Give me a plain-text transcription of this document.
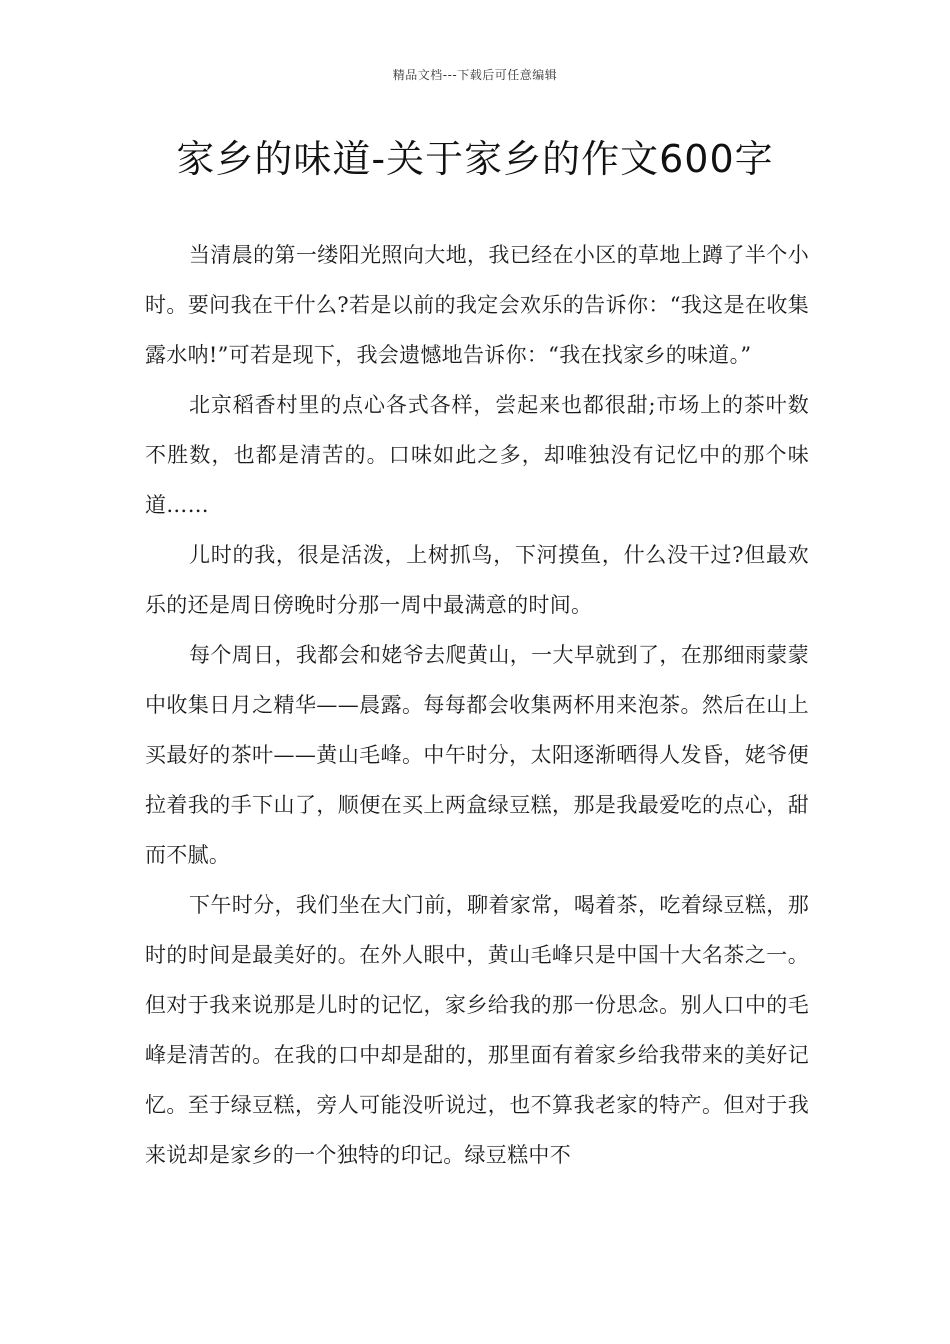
精品文档---下载后可任意编辑
家乡的味道-关于家乡的作文600字

当清晨的第一缕阳光照向大地，我已经在小区的草地上蹲了半个小时。要问我在干什么?若是以前的我定会欢乐的告诉你：“我这是在收集露水呐!”可若是现下，我会遗憾地告诉你：“我在找家乡的味道。”

北京稻香村里的点心各式各样，尝起来也都很甜;市场上的茶叶数不胜数，也都是清苦的。口味如此之多，却唯独没有记忆中的那个味道……

儿时的我，很是活泼，上树抓鸟，下河摸鱼，什么没干过?但最欢乐的还是周日傍晚时分那一周中最满意的时间。

每个周日，我都会和姥爷去爬黄山，一大早就到了，在那细雨蒙蒙中收集日月之精华——晨露。每每都会收集两杯用来泡茶。然后在山上买最好的茶叶——黄山毛峰。中午时分，太阳逐渐晒得人发昏，姥爷便拉着我的手下山了，顺便在买上两盒绿豆糕，那是我最爱吃的点心，甜而不腻。

下午时分，我们坐在大门前，聊着家常，喝着茶，吃着绿豆糕，那时的时间是最美好的。在外人眼中，黄山毛峰只是中国十大名茶之一。但对于我来说那是儿时的记忆，家乡给我的那一份思念。别人口中的毛峰是清苦的。在我的口中却是甜的，那里面有着家乡给我带来的美好记忆。至于绿豆糕，旁人可能没听说过，也不算我老家的特产。但对于我来说却是家乡的一个独特的印记。绿豆糕中不
